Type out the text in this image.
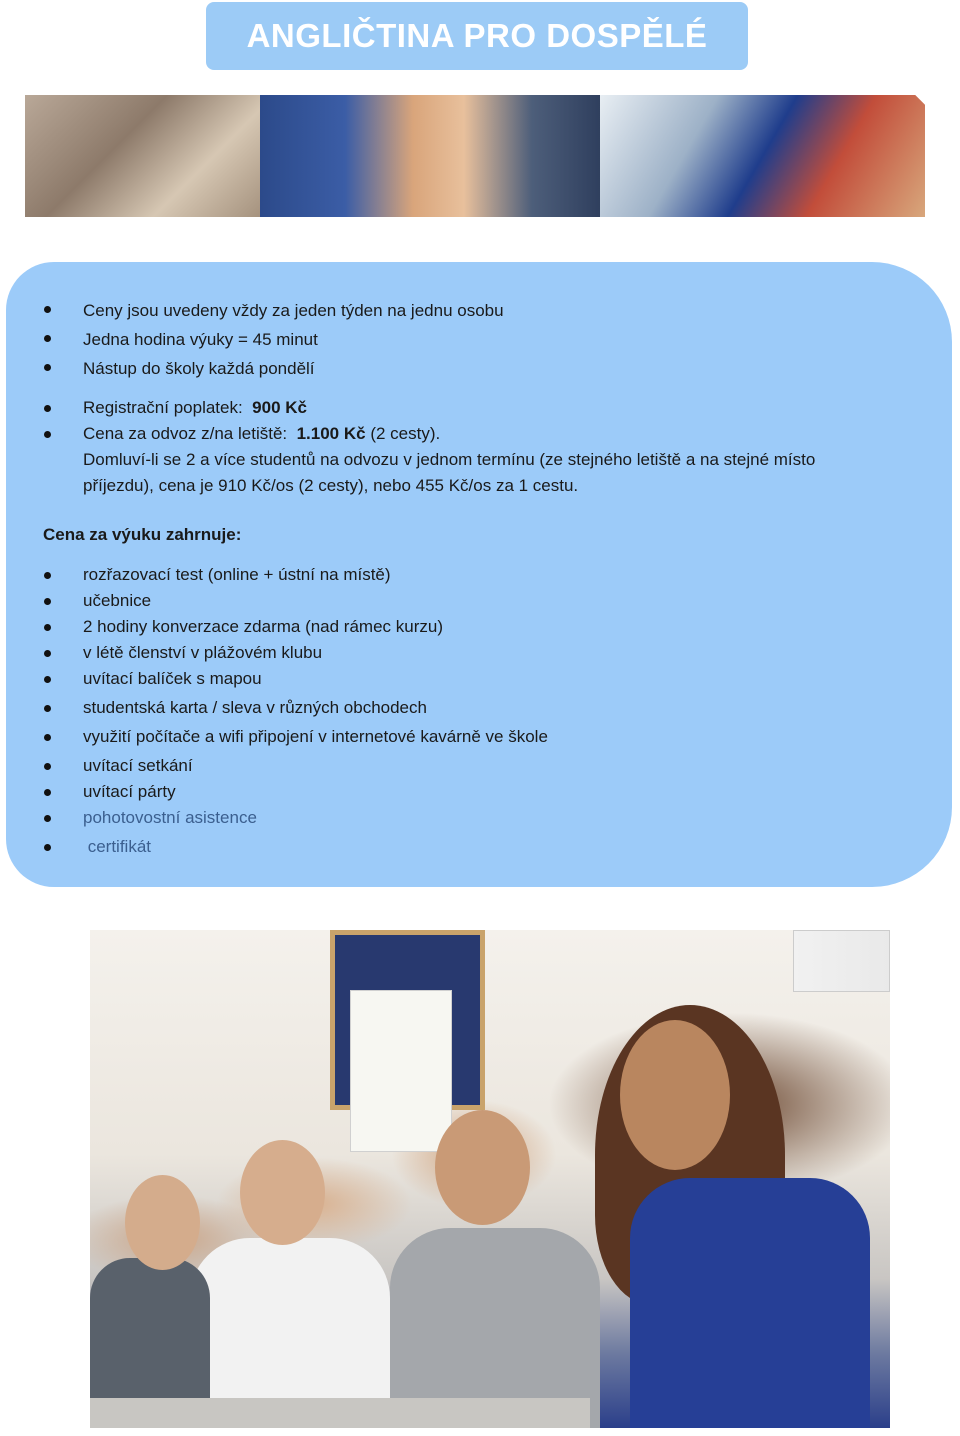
ANGLIČTINA PRO DOSPĚLÉ
Ceny jsou uvedeny vždy za jeden týden na jednu osobu
Jedna hodina výuky = 45 minut
Nástup do školy každá pondělí
Registrační poplatek: 900 Kč
Cena za odvoz z/na letiště: 1.100 Kč (2 cesty).
Domluví-li se 2 a více studentů na odvozu v jednom termínu (ze stejného letiště a na stejné místo
příjezdu), cena je 910 Kč/os (2 cesty), nebo 455 Kč/os za 1 cestu.
Cena za výuku zahrnuje:
rozřazovací test (online + ústní na místě)
učebnice
2 hodiny konverzace zdarma (nad rámec kurzu)
v létě členství v plážovém klubu
uvítací balíček s mapou
studentská karta / sleva v různých obchodech
využití počítače a wifi připojení v internetové kavárně ve škole
uvítací setkání
uvítací párty
pohotovostní asistence
certifikát
